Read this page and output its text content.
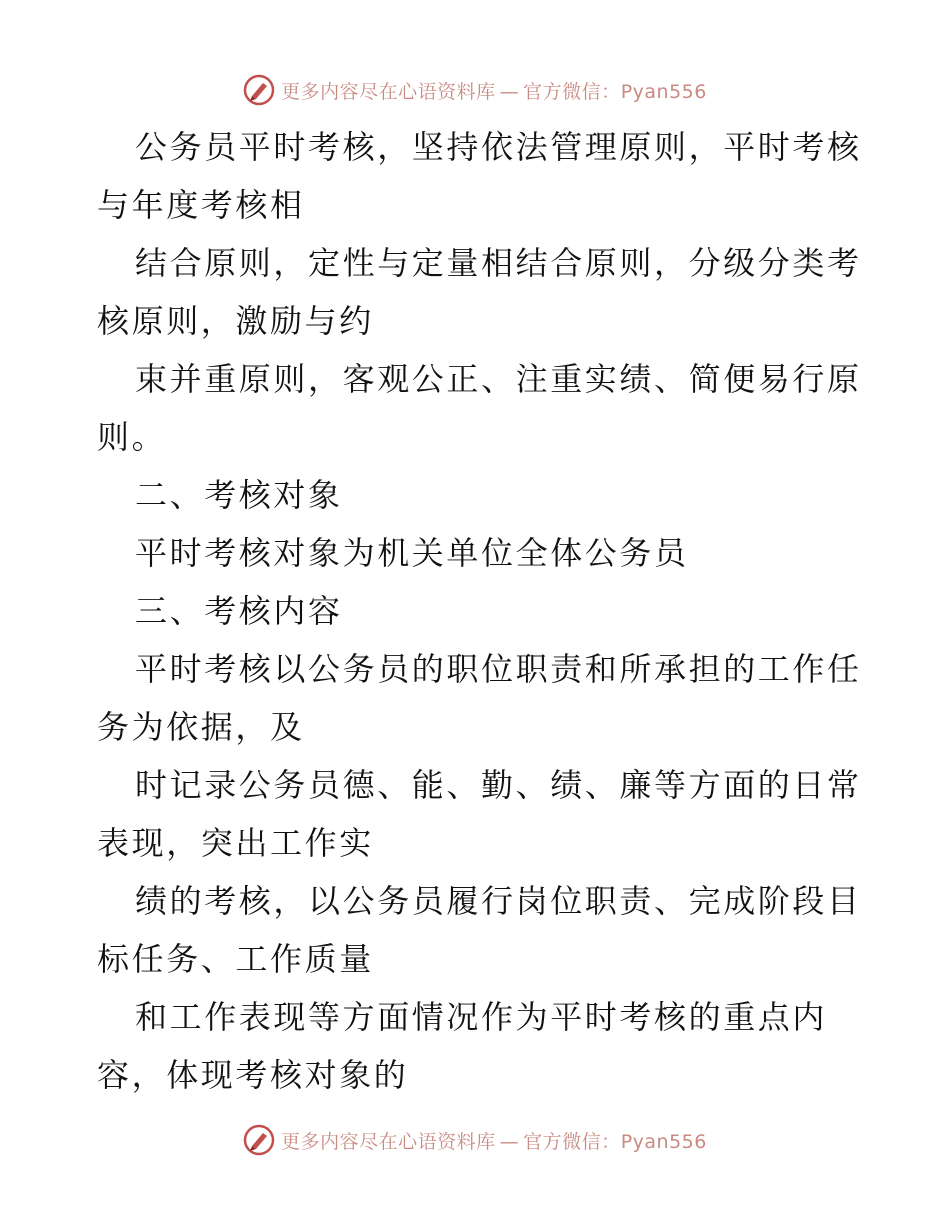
更多内容尽在心语资料库 — 官方微信：Pyan556
公务员平时考核，坚持依法管理原则，平时考核
与年度考核相
结合原则，定性与定量相结合原则，分级分类考
核原则，激励与约
束并重原则，客观公正、注重实绩、简便易行原
则。
二、考核对象
平时考核对象为机关单位全体公务员
三、考核内容
平时考核以公务员的职位职责和所承担的工作任
务为依据，及
时记录公务员德、能、勤、绩、廉等方面的日常
表现，突出工作实
绩的考核，以公务员履行岗位职责、完成阶段目
标任务、工作质量
和工作表现等方面情况作为平时考核的重点内
容，体现考核对象的
更多内容尽在心语资料库 — 官方微信：Pyan556
